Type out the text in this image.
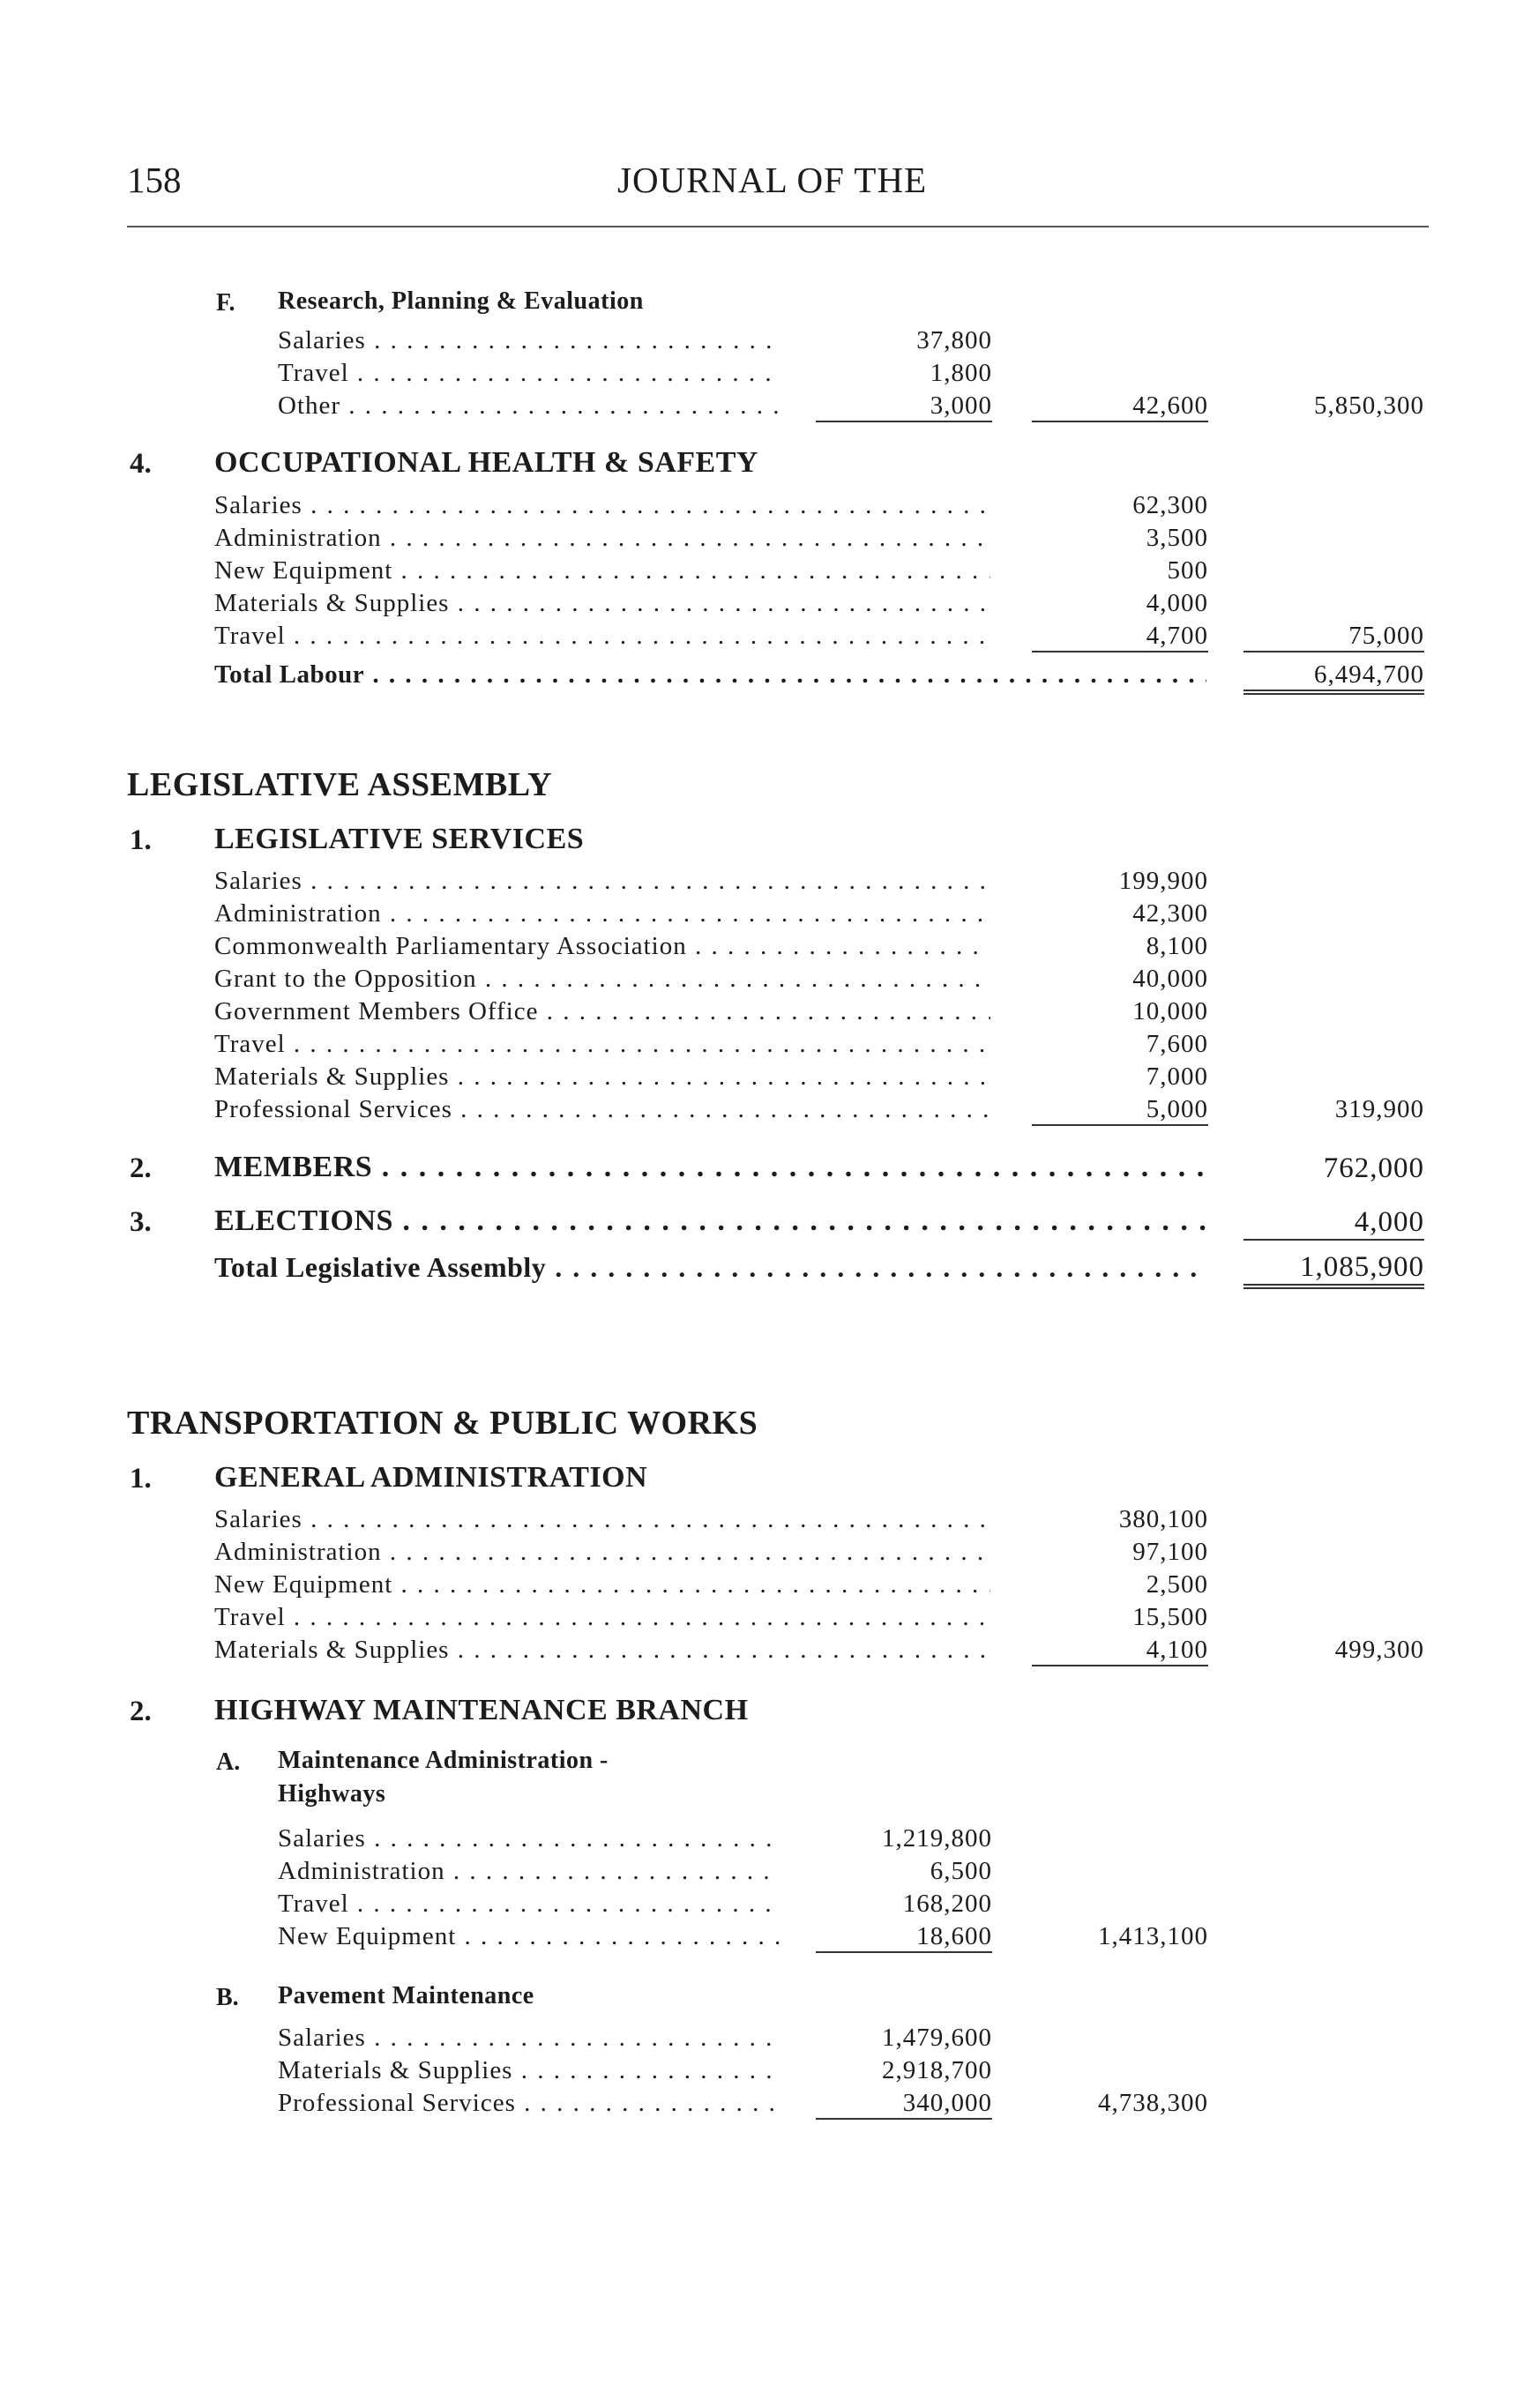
158	JOURNAL OF THE
F. Research, Planning & Evaluation
Salaries . . .	37,800
Travel . . .	1,800
Other . . .	3,000	42,600	5,850,300
4. OCCUPATIONAL HEALTH & SAFETY
Salaries . . .	62,300
Administration . . .	3,500
New Equipment . . .	500
Materials & Supplies . . .	4,000
Travel . . .	4,700	75,000
Total Labour . . .	6,494,700
LEGISLATIVE ASSEMBLY
1. LEGISLATIVE SERVICES
Salaries . . .	199,900
Administration . . .	42,300
Commonwealth Parliamentary Association . . .	8,100
Grant to the Opposition . . .	40,000
Government Members Office . . .	10,000
Travel . . .	7,600
Materials & Supplies . . .	7,000
Professional Services . . .	5,000	319,900
2. MEMBERS . . .	762,000
3. ELECTIONS . . .	4,000
Total Legislative Assembly . . .	1,085,900
TRANSPORTATION & PUBLIC WORKS
1. GENERAL ADMINISTRATION
Salaries . . .	380,100
Administration . . .	97,100
New Equipment . . .	2,500
Travel . . .	15,500
Materials & Supplies . . .	4,100	499,300
2. HIGHWAY MAINTENANCE BRANCH
A. Maintenance Administration -
Highways
Salaries . . .	1,219,800
Administration . . .	6,500
Travel . . .	168,200
New Equipment . . .	18,600	1,413,100
B. Pavement Maintenance
Salaries . . .	1,479,600
Materials & Supplies . . .	2,918,700
Professional Services . . .	340,000	4,738,300
